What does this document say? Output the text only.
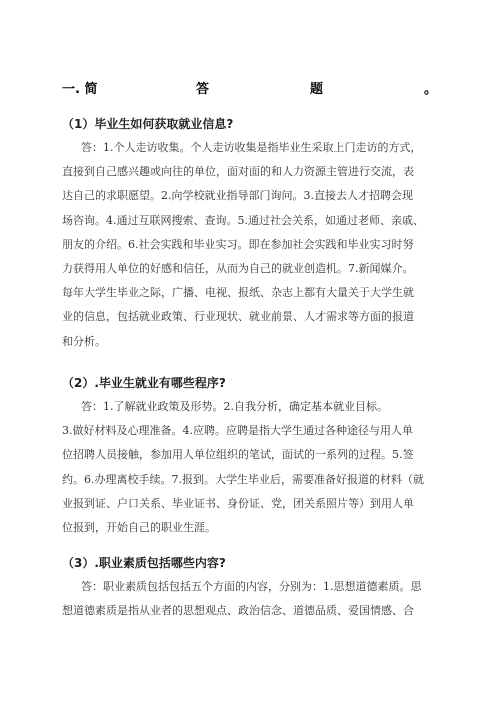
一. 简	答	题	。
（1）毕业生如何获取就业信息?
答：1.个人走访收集。个人走访收集是指毕业生采取上门走访的方式，
直接到自己感兴趣或向往的单位，面对面的和人力资源主管进行交流，表
达自己的求职愿望。2.向学校就业指导部门询问。3.直接去人才招聘会现
场咨询。4.通过互联网搜索、查询。5.通过社会关系，如通过老师、亲戚、
朋友的介绍。6.社会实践和毕业实习。即在参加社会实践和毕业实习时努
力获得用人单位的好感和信任，从而为自己的就业创造机。7.新闻媒介。
每年大学生毕业之际，广播、电视、报纸、杂志上都有大量关于大学生就
业的信息，包括就业政策、行业现状、就业前景、人才需求等方面的报道
和分析。
（2）.毕业生就业有哪些程序?
答：1.了解就业政策及形势。2.自我分析，确定基本就业目标。
3.做好材料及心理准备。4.应聘。应聘是指大学生通过各种途径与用人单
位招聘人员接触，参加用人单位组织的笔试，面试的一系列的过程。5.签
约。6.办理离校手续。7.报到。大学生毕业后，需要准备好报道的材料（就
业报到证、户口关系、毕业证书、身份证、党，团关系照片等）到用人单
位报到，开始自己的职业生涯。
（3）.职业素质包括哪些内容?
答：职业素质包括包括五个方面的内容，分别为：1.思想道德素质。思
想道德素质是指从业者的思想观点、政治信念、道德品质、爱国情感、合
